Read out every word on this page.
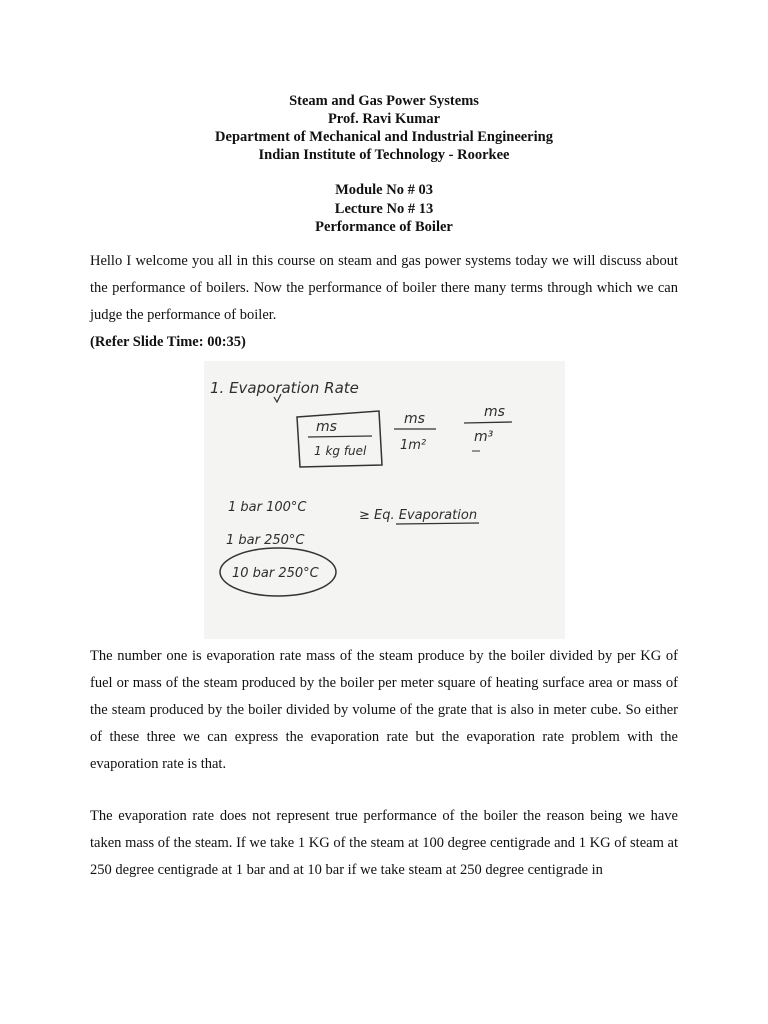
Steam and Gas Power Systems
Prof. Ravi Kumar
Department of Mechanical and Industrial Engineering
Indian Institute of Technology - Roorkee
Module No # 03
Lecture No # 13
Performance of Boiler

Hello I welcome you all in this course on steam and gas power systems today we will discuss about the performance of boilers. Now the performance of boiler there many terms through which we can judge the performance of boiler.

(Refer Slide Time: 00:35)
1. Evaporation Rate
ms
1 kg fuel
ms
1m²
ms
m³
1 bar 100°C
≥ Eq. Evaporation
1 bar 250°C
10 bar 250°C

The number one is evaporation rate mass of the steam produce by the boiler divided by per KG of fuel or mass of the steam produced by the boiler per meter square of heating surface area or mass of the steam produced by the boiler divided by volume of the grate that is also in meter cube. So either of these three we can express the evaporation rate but the evaporation rate problem with the evaporation rate is that.

The evaporation rate does not represent true performance of the boiler the reason being we have taken mass of the steam. If we take 1 KG of the steam at 100 degree centigrade and 1 KG of steam at 250 degree centigrade at 1 bar and at 10 bar if we take steam at 250 degree centigrade in
